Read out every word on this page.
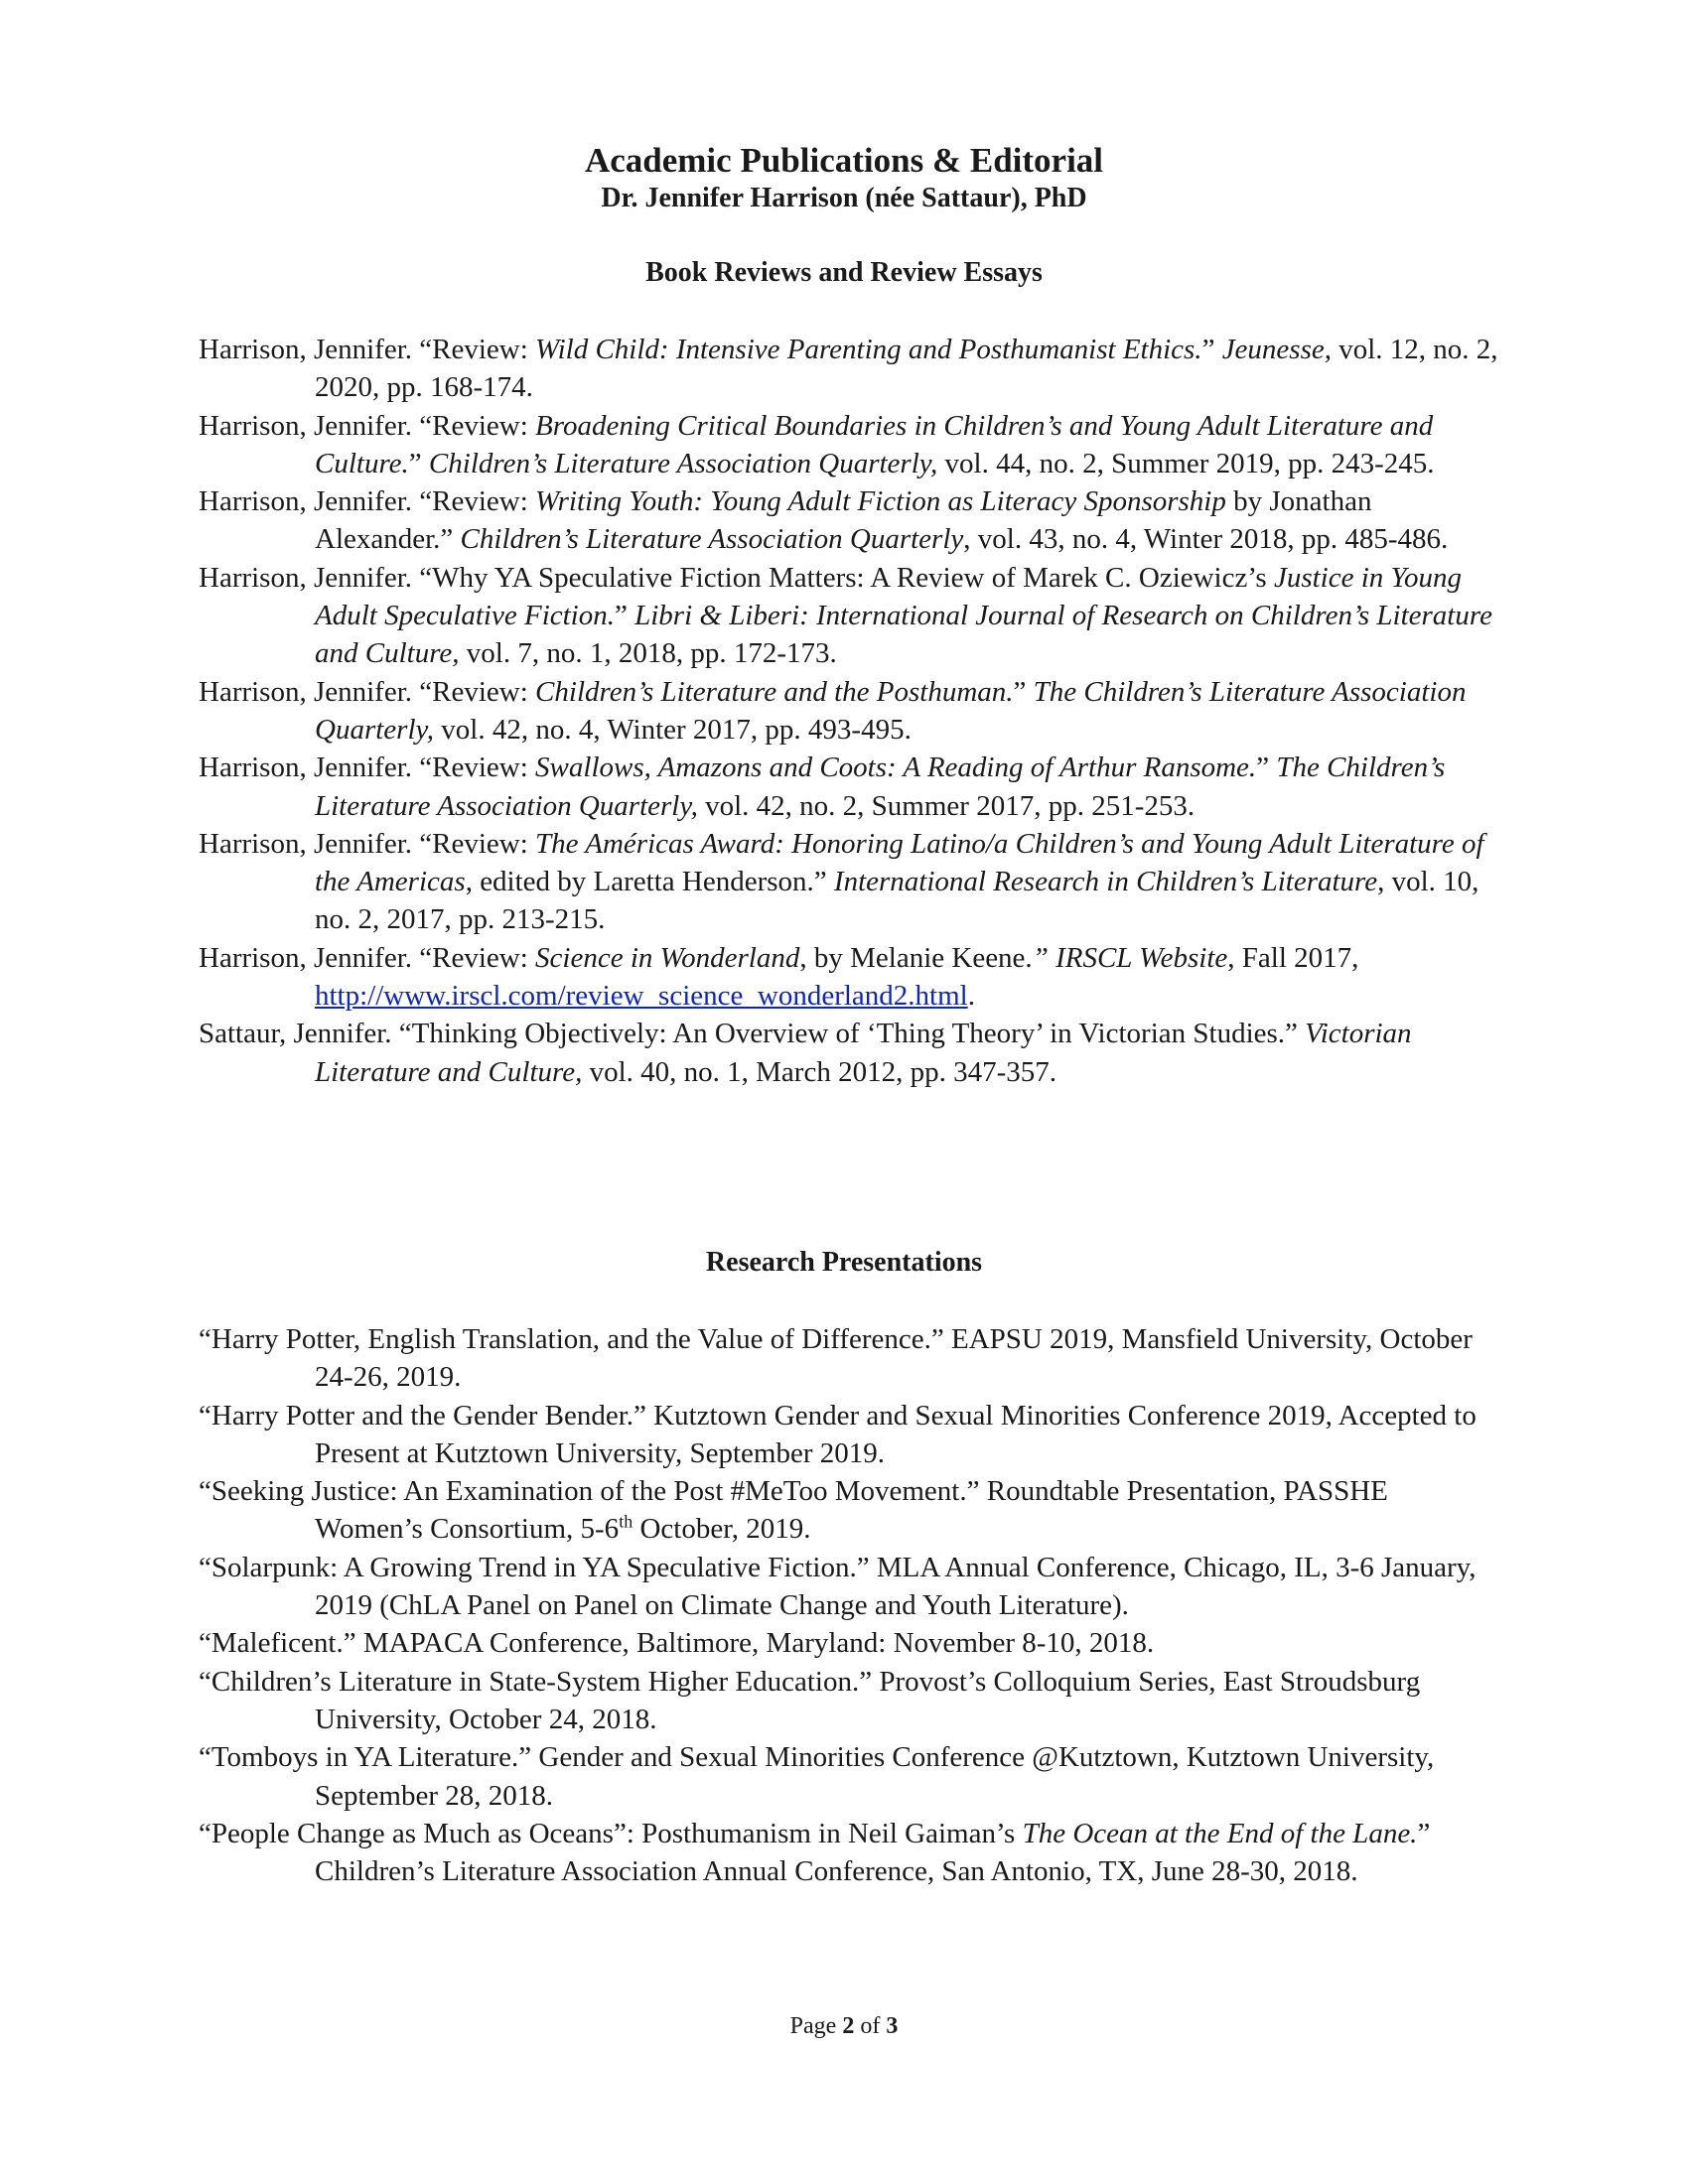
Academic Publications & Editorial

Dr. Jennifer Harrison (née Sattaur), PhD

Book Reviews and Review Essays

Harrison, Jennifer. “Review: Wild Child: Intensive Parenting and Posthumanist Ethics.” Jeunesse, vol. 12, no. 2, 2020, pp. 168-174.

Harrison, Jennifer. “Review: Broadening Critical Boundaries in Children’s and Young Adult Literature and Culture.” Children’s Literature Association Quarterly, vol. 44, no. 2, Summer 2019, pp. 243-245.

Harrison, Jennifer. “Review: Writing Youth: Young Adult Fiction as Literacy Sponsorship by Jonathan Alexander.” Children’s Literature Association Quarterly, vol. 43, no. 4, Winter 2018, pp. 485-486.

Harrison, Jennifer. “Why YA Speculative Fiction Matters: A Review of Marek C. Oziewicz’s Justice in Young Adult Speculative Fiction.” Libri & Liberi: International Journal of Research on Children’s Literature and Culture, vol. 7, no. 1, 2018, pp. 172-173.

Harrison, Jennifer. “Review: Children’s Literature and the Posthuman.” The Children’s Literature Association Quarterly, vol. 42, no. 4, Winter 2017, pp. 493-495.

Harrison, Jennifer. “Review: Swallows, Amazons and Coots: A Reading of Arthur Ransome.” The Children’s Literature Association Quarterly, vol. 42, no. 2, Summer 2017, pp. 251-253.

Harrison, Jennifer. “Review: The Américas Award: Honoring Latino/a Children’s and Young Adult Literature of the Americas, edited by Laretta Henderson.” International Research in Children’s Literature, vol. 10, no. 2, 2017, pp. 213-215.

Harrison, Jennifer. “Review: Science in Wonderland, by Melanie Keene.” IRSCL Website, Fall 2017, http://www.irscl.com/review_science_wonderland2.html.

Sattaur, Jennifer. “Thinking Objectively: An Overview of ‘Thing Theory’ in Victorian Studies.” Victorian Literature and Culture, vol. 40, no. 1, March 2012, pp. 347-357.

Research Presentations

“Harry Potter, English Translation, and the Value of Difference.” EAPSU 2019, Mansfield University, October 24-26, 2019.

“Harry Potter and the Gender Bender.” Kutztown Gender and Sexual Minorities Conference 2019, Accepted to Present at Kutztown University, September 2019.

“Seeking Justice: An Examination of the Post #MeToo Movement.” Roundtable Presentation, PASSHE Women’s Consortium, 5-6th October, 2019.

“Solarpunk: A Growing Trend in YA Speculative Fiction.” MLA Annual Conference, Chicago, IL, 3-6 January, 2019 (ChLA Panel on Panel on Climate Change and Youth Literature).

“Maleficent.” MAPACA Conference, Baltimore, Maryland: November 8-10, 2018.

“Children’s Literature in State-System Higher Education.” Provost’s Colloquium Series, East Stroudsburg University, October 24, 2018.

“Tomboys in YA Literature.” Gender and Sexual Minorities Conference @Kutztown, Kutztown University, September 28, 2018.

“People Change as Much as Oceans”: Posthumanism in Neil Gaiman’s The Ocean at the End of the Lane.” Children’s Literature Association Annual Conference, San Antonio, TX, June 28-30, 2018.

Page 2 of 3
